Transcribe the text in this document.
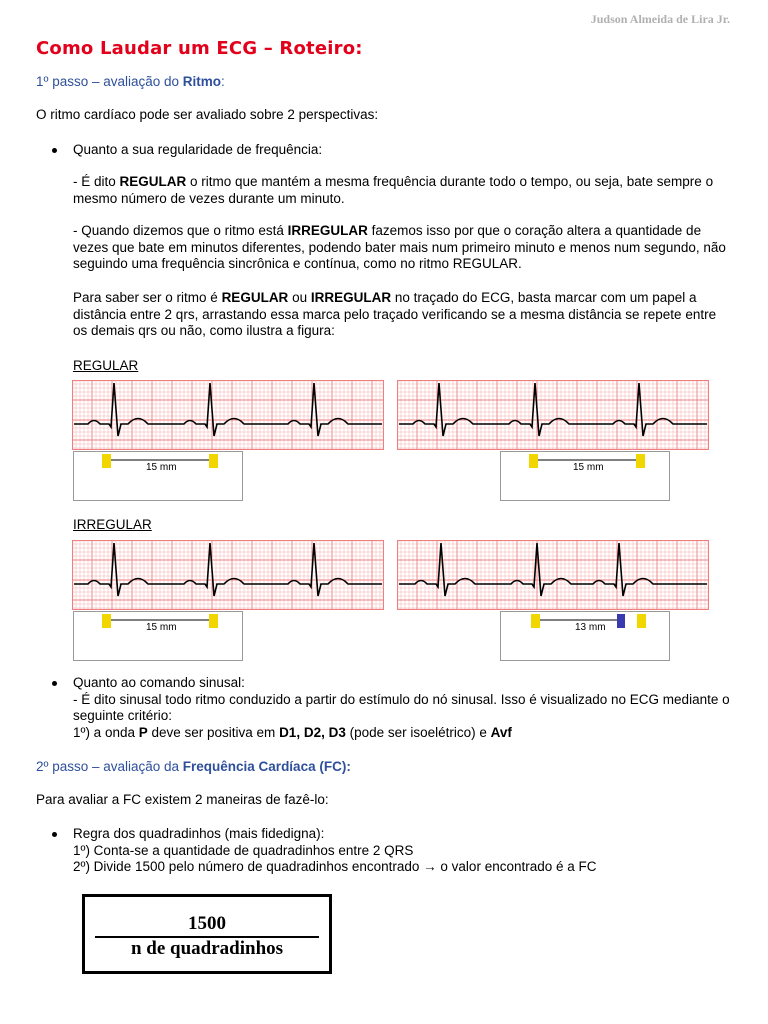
Judson Almeida de Lira Jr.
Como Laudar um ECG – Roteiro:
1º passo – avaliação do Ritmo:
O ritmo cardíaco pode ser avaliado sobre 2 perspectivas:
Quanto a sua regularidade de frequência:

- É dito REGULAR o ritmo que mantém a mesma frequência durante todo o tempo, ou seja, bate sempre o mesmo número de vezes durante um minuto.

- Quando dizemos que o ritmo está IRREGULAR fazemos isso por que o coração altera a quantidade de vezes que bate em minutos diferentes, podendo bater mais num primeiro minuto e menos num segundo, não seguindo uma frequência sincrônica e contínua, como no ritmo REGULAR.

Para saber ser o ritmo é REGULAR ou IRREGULAR no traçado do ECG, basta marcar com um papel a distância entre 2 qrs, arrastando essa marca pelo traçado verificando se a mesma distância se repete entre os demais qrs ou não, como ilustra a figura:

REGULAR
15 mm	15 mm
IRREGULAR
15 mm	13 mm

Quanto ao comando sinusal:

- É dito sinusal todo ritmo conduzido a partir do estímulo do nó sinusal. Isso é visualizado no ECG mediante o seguinte critério:

1º) a onda P deve ser positiva em D1, D2, D3 (pode ser isoelétrico) e Avf

2º passo – avaliação da Frequência Cardíaca (FC):
Para avaliar a FC existem 2 maneiras de fazê-lo:

Regra dos quadradinhos (mais fidedigna):

1º) Conta-se a quantidade de quadradinhos entre 2 QRS

2º) Divide 1500 pelo número de quadradinhos encontrado → o valor encontrado é a FC

1500
n de quadradinhos
